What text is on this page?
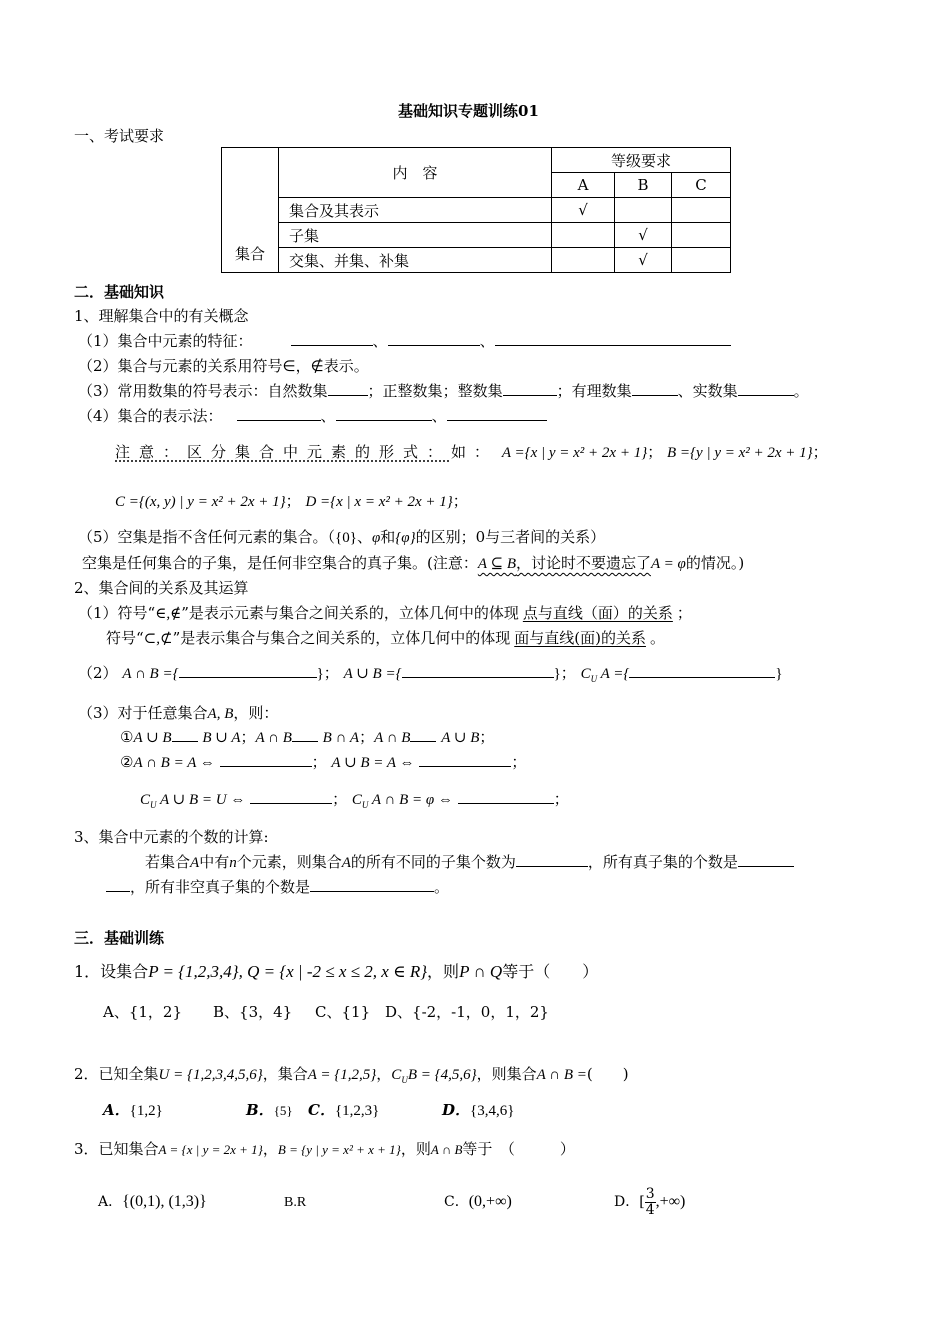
基础知识专题训练01
一、考试要求
集合	内　容	等级要求		
		A	B	C
	集合及其表示	√		
	子集		√	
	交集、并集、补集		√	
二．基础知识
1、理解集合中的有关概念
（1）集合中元素的特征：	、	、
（2）集合与元素的关系用符号∈，∉表示。
（3）常用数集的符号表示：自然数集	；正整数集；整数集	；有理数集	、实数集	。
（4）集合的表示法：	、	、
注意：区分集合中元素的形式：如： A ={x | y = x² + 2x + 1}； B ={y | y = x² + 2x + 1}；
C ={(x, y) | y = x² + 2x + 1}； D ={x | x = x² + 2x + 1}；
（5）空集是指不含任何元素的集合。（{0}、φ和{φ}的区别；0与三者间的关系）
空集是任何集合的子集，是任何非空集合的真子集。(注意：A ⊆ B，讨论时不要遗忘了A = φ的情况。)
2、集合间的关系及其运算
（1）符号“∈,∉”是表示元素与集合之间关系的，立体几何中的体现 点与直线（面）的关系 ；
符号“⊂,⊄”是表示集合与集合之间关系的，立体几何中的体现 面与直线(面)的关系 。
（2） A ∩ B ={	}； A ∪ B ={	}； $C_U$ A ={	}
（3）对于任意集合A, B，则：
①A ∪ B B ∪ A；A ∩ B B ∩ A；A ∩ B A ∪ B；
②A ∩ B = A ⇔	； A ∪ B = A ⇔	；
$C_U$ A ∪ B = U ⇔	； $C_U$ A ∩ B = φ ⇔	；
3、集合中元素的个数的计算:
若集合A中有n个元素，则集合A的所有不同的子集个数为	，所有真子集的个数是
，所有非空真子集的个数是	。
三．基础训练
1．设集合P = {1,2,3,4}, Q = {x | -2 ≤ x ≤ 2, x ∈ R}，则P ∩ Q等于（　　）
A、{1，2} B、{3，4} C、{1} D、{-2，-1，0，1，2}
2．已知全集U = {1,2,3,4,5,6}，集合A = {1,2,5}，$C_UB = \{4,5,6\}$，则集合A ∩ B =(　　)
A．{1,2}	B．{5} C．{1,2,3}	D．{3,4,6}
3．已知集合A = {x | y = 2x + 1}，B = {y | y = x² + x + 1}，则A ∩ B等于　（　　　）
A．{(0,1), (1,3)}	B.R	C．(0,+∞)	D．[ $\frac{3}{4}$ ,+∞)
